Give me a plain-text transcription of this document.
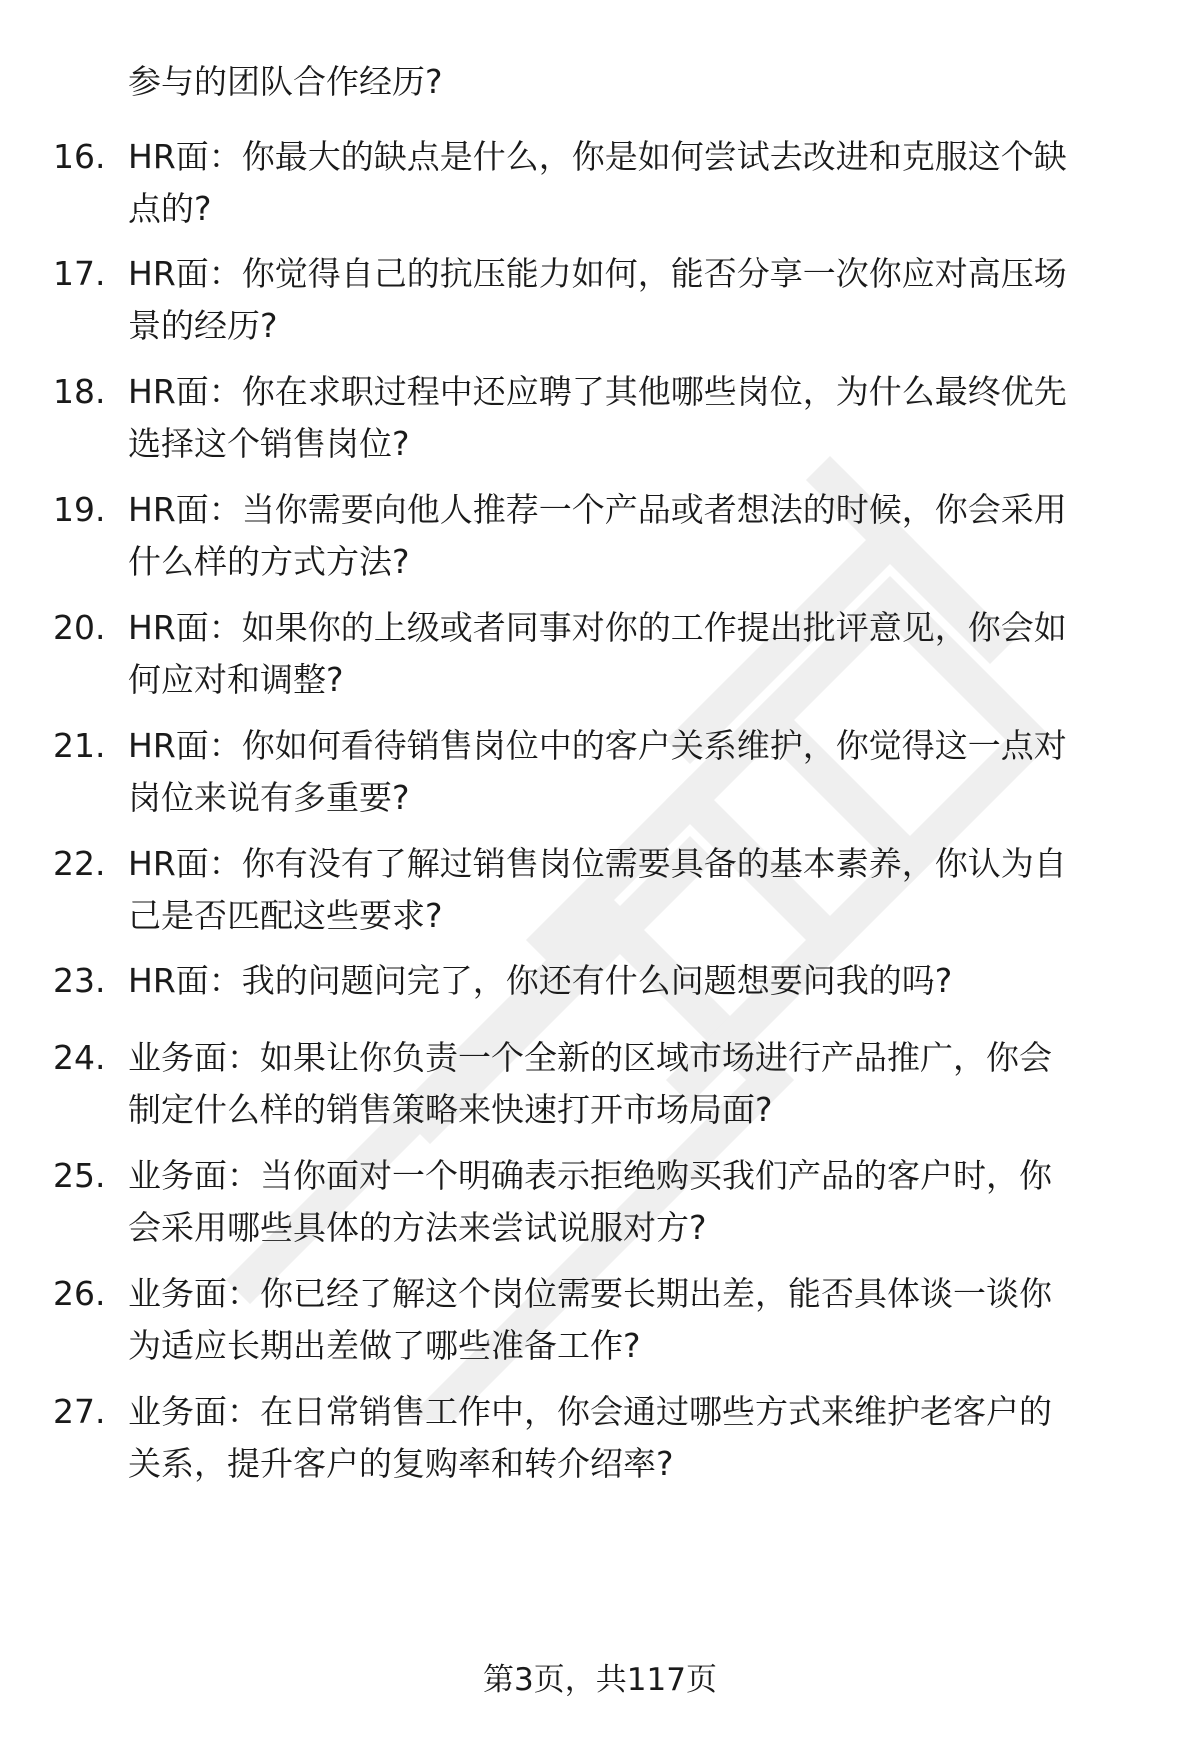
参与的团队合作经历?
16. HR面：你最大的缺点是什么，你是如何尝试去改进和克服这个缺
点的?
17. HR面：你觉得自己的抗压能力如何，能否分享一次你应对高压场
景的经历?
18. HR面：你在求职过程中还应聘了其他哪些岗位，为什么最终优先
选择这个销售岗位?
19. HR面：当你需要向他人推荐一个产品或者想法的时候，你会采用
什么样的方式方法?
20. HR面：如果你的上级或者同事对你的工作提出批评意见，你会如
何应对和调整?
21. HR面：你如何看待销售岗位中的客户关系维护，你觉得这一点对
岗位来说有多重要?
22. HR面：你有没有了解过销售岗位需要具备的基本素养，你认为自
己是否匹配这些要求?
23. HR面：我的问题问完了，你还有什么问题想要问我的吗?
24. 业务面：如果让你负责一个全新的区域市场进行产品推广，你会
制定什么样的销售策略来快速打开市场局面?
25. 业务面：当你面对一个明确表示拒绝购买我们产品的客户时，你
会采用哪些具体的方法来尝试说服对方?
26. 业务面：你已经了解这个岗位需要长期出差，能否具体谈一谈你
为适应长期出差做了哪些准备工作?
27. 业务面：在日常销售工作中，你会通过哪些方式来维护老客户的
关系，提升客户的复购率和转介绍率?
第3页，共117页
